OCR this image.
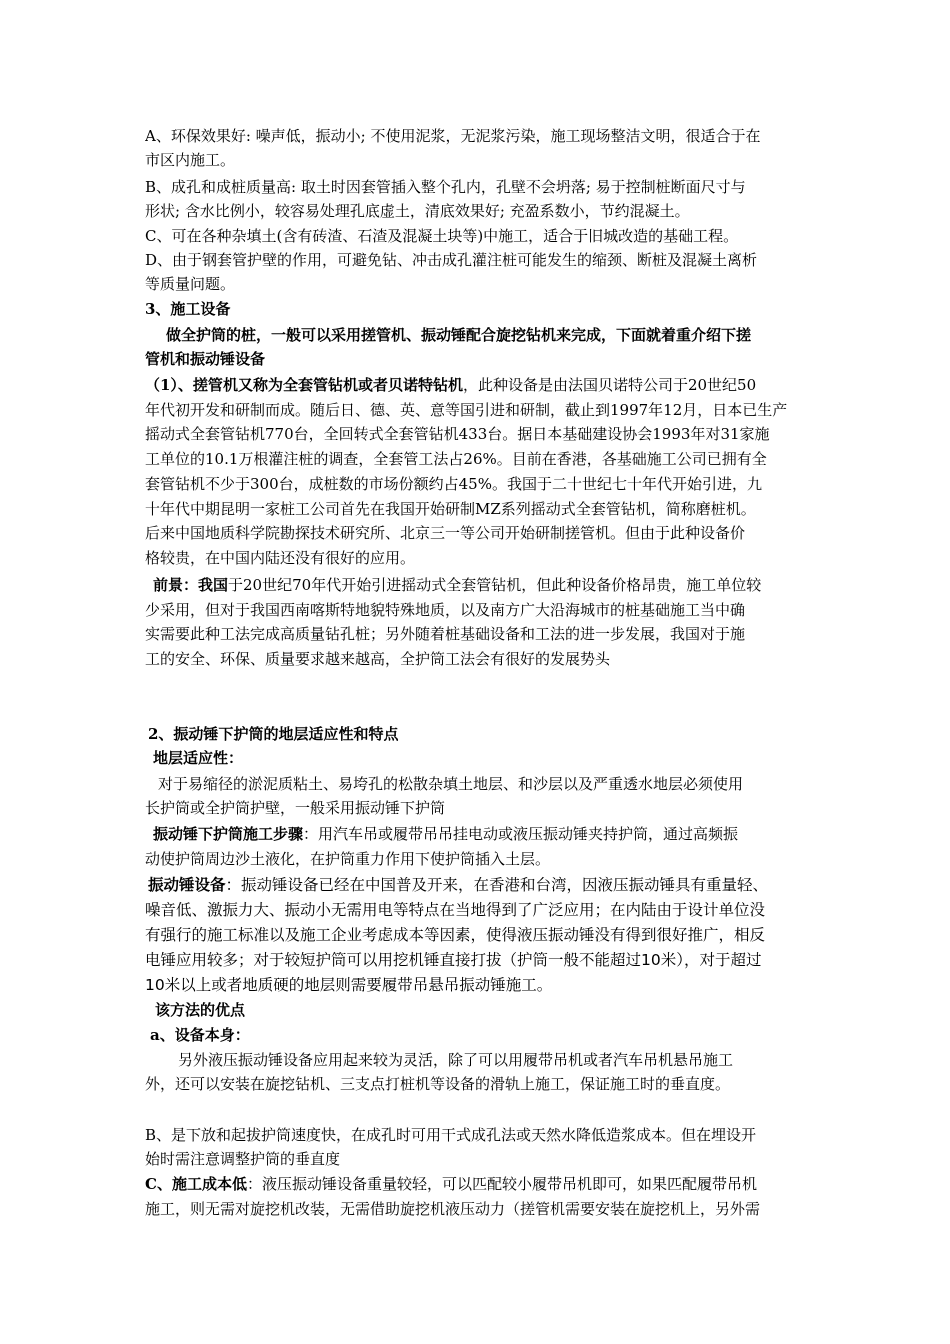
A、环保效果好: 噪声低，振动小; 不使用泥浆，无泥浆污染，施工现场整洁文明，很适合于在
市区内施工。
B、成孔和成桩质量高: 取土时因套管插入整个孔内，孔壁不会坍落; 易于控制桩断面尺寸与
形状; 含水比例小，较容易处理孔底虚土，清底效果好; 充盈系数小，节约混凝土。
C、可在各种杂填土(含有砖渣、石渣及混凝土块等)中施工，适合于旧城改造的基础工程。
D、由于钢套管护壁的作用，可避免钻、冲击成孔灌注桩可能发生的缩颈、断桩及混凝土离析
等质量问题。
3、施工设备
做全护筒的桩，一般可以采用搓管机、振动锤配合旋挖钻机来完成，下面就着重介绍下搓
管机和振动锤设备
（1）、搓管机又称为全套管钻机或者贝诺特钻机，此种设备是由法国贝诺特公司于20世纪50
年代初开发和研制而成。随后日、德、英、意等国引进和研制，截止到1997年12月，日本已生产
摇动式全套管钻机770台，全回转式全套管钻机433台。据日本基础建设协会1993年对31家施
工单位的10.1万根灌注桩的调查，全套管工法占26%。目前在香港，各基础施工公司已拥有全
套管钻机不少于300台，成桩数的市场份额约占45%。我国于二十世纪七十年代开始引进，九
十年代中期昆明一家桩工公司首先在我国开始研制MZ系列摇动式全套管钻机，简称磨桩机。
后来中国地质科学院勘探技术研究所、北京三一等公司开始研制搓管机。但由于此种设备价
格较贵，在中国内陆还没有很好的应用。
前景：我国于20世纪70年代开始引进摇动式全套管钻机，但此种设备价格昂贵，施工单位较
少采用，但对于我国西南喀斯特地貌特殊地质，以及南方广大沿海城市的桩基础施工当中确
实需要此种工法完成高质量钻孔桩；另外随着桩基础设备和工法的进一步发展，我国对于施
工的安全、环保、质量要求越来越高，全护筒工法会有很好的发展势头
2、振动锤下护筒的地层适应性和特点
地层适应性：
对于易缩径的淤泥质粘土、易垮孔的松散杂填土地层、和沙层以及严重透水地层必须使用
长护筒或全护筒护壁，一般采用振动锤下护筒
振动锤下护筒施工步骤：用汽车吊或履带吊吊挂电动或液压振动锤夹持护筒，通过高频振
动使护筒周边沙土液化，在护筒重力作用下使护筒插入土层。
振动锤设备：振动锤设备已经在中国普及开来，在香港和台湾，因液压振动锤具有重量轻、
噪音低、激振力大、振动小无需用电等特点在当地得到了广泛应用；在内陆由于设计单位没
有强行的施工标准以及施工企业考虑成本等因素，使得液压振动锤没有得到很好推广，相反
电锤应用较多；对于较短护筒可以用挖机锤直接打拔（护筒一般不能超过10米），对于超过
10米以上或者地质硬的地层则需要履带吊悬吊振动锤施工。
该方法的优点
a、设备本身：
另外液压振动锤设备应用起来较为灵活，除了可以用履带吊机或者汽车吊机悬吊施工
外，还可以安装在旋挖钻机、三支点打桩机等设备的滑轨上施工，保证施工时的垂直度。
B、是下放和起拔护筒速度快，在成孔时可用干式成孔法或天然水降低造浆成本。但在埋设开
始时需注意调整护筒的垂直度
C、施工成本低：液压振动锤设备重量较轻，可以匹配较小履带吊机即可，如果匹配履带吊机
施工，则无需对旋挖机改装，无需借助旋挖机液压动力（搓管机需要安装在旋挖机上，另外需
